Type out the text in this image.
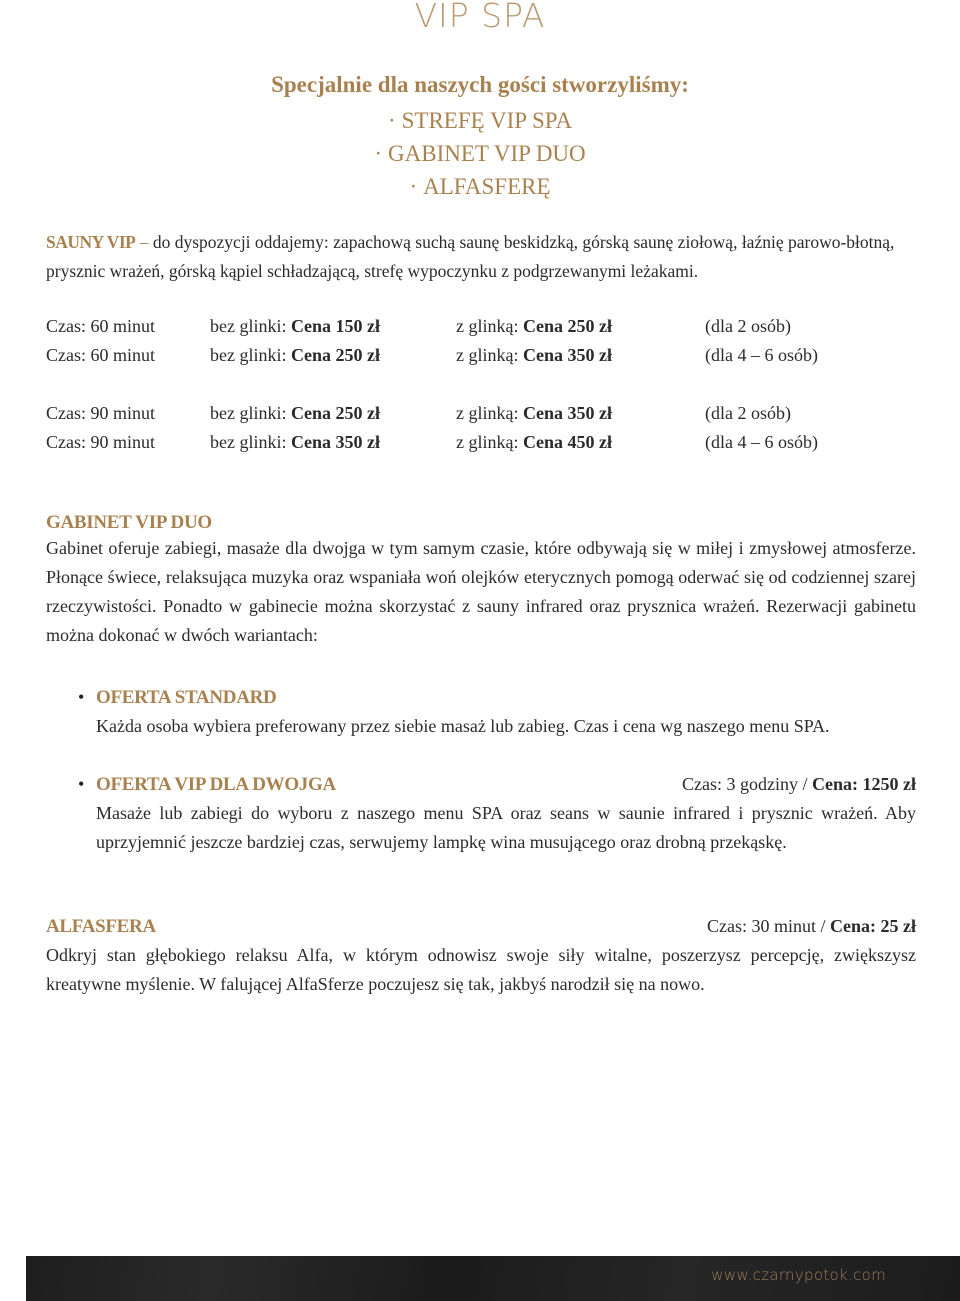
VIP SPA
Specjalnie dla naszych gości stworzyliśmy:
· STREFĘ VIP SPA
· GABINET VIP DUO
· ALFASFERĘ
SAUNY VIP – do dyspozycji oddajemy: zapachową suchą saunę beskidzką, górską saunę ziołową, łaźnię parowo-błotną, prysznic wrażeń, górską kąpiel schładzającą, strefę wypoczynku z podgrzewanymi leżakami.
Czas: 60 minut	bez glinki: Cena 150 zł	z glinką: Cena 250 zł	(dla 2 osób)
Czas: 60 minut	bez glinki: Cena 250 zł	z glinką: Cena 350 zł	(dla 4 – 6 osób)
Czas: 90 minut	bez glinki: Cena 250 zł	z glinką: Cena 350 zł	(dla 2 osób)
Czas: 90 minut	bez glinki: Cena 350 zł	z glinką: Cena 450 zł	(dla 4 – 6 osób)
GABINET VIP DUO

Gabinet oferuje zabiegi, masaże dla dwojga w tym samym czasie, które odbywają się w miłej i zmysłowej atmosferze. Płonące świece, relaksująca muzyka oraz wspaniała woń olejków eterycznych pomogą oderwać się od codziennej szarej rzeczywistości. Ponadto w gabinecie można skorzystać z sauny infrared oraz prysznica wrażeń. Rezerwacji gabinetu można dokonać w dwóch wariantach:

• OFERTA STANDARD

Każda osoba wybiera preferowany przez siebie masaż lub zabieg. Czas i cena wg naszego menu SPA.

• OFERTA VIP DLA DWOJGA	Czas: 3 godziny / Cena: 1250 zł

Masaże lub zabiegi do wyboru z naszego menu SPA oraz seans w saunie infrared i prysznic wrażeń. Aby uprzyjemnić jeszcze bardziej czas, serwujemy lampkę wina musującego oraz drobną przekąskę.

ALFASFERA	Czas: 30 minut / Cena: 25 zł

Odkryj stan głębokiego relaksu Alfa, w którym odnowisz swoje siły witalne, poszerzysz percepcję, zwiększysz kreatywne myślenie. W falującej AlfaSferze poczujesz się tak, jakbyś narodził się na nowo.

www.czarnypotok.com
